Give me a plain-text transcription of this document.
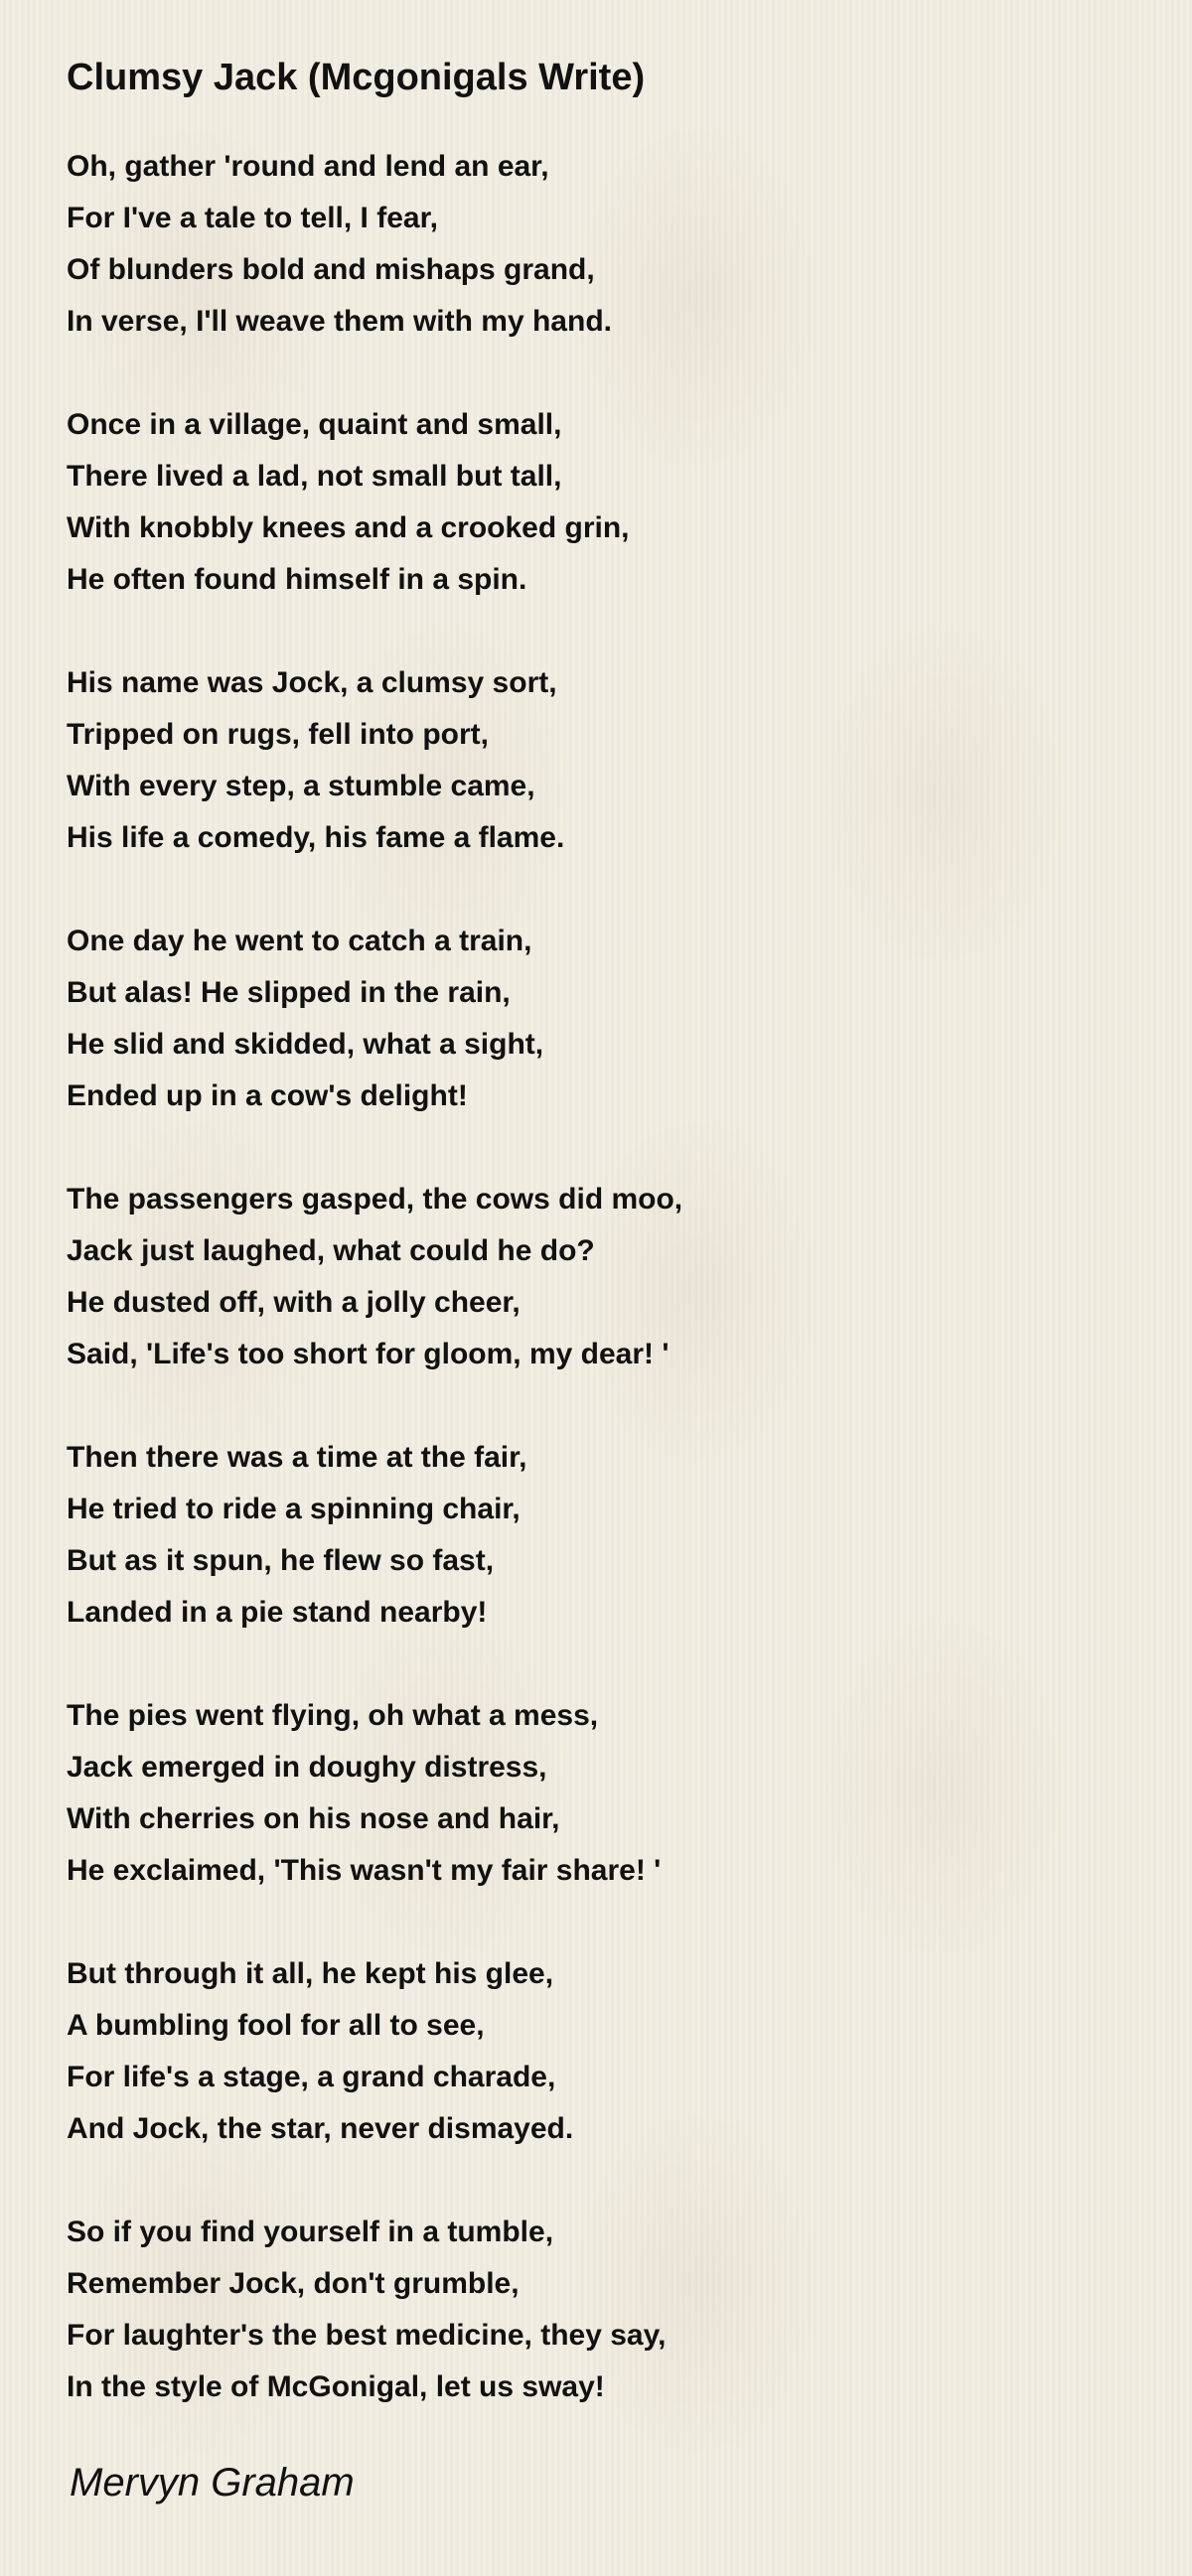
Clumsy Jack (Mcgonigals Write)
Oh, gather 'round and lend an ear,
For I've a tale to tell, I fear,
Of blunders bold and mishaps grand,
In verse, I'll weave them with my hand.
Once in a village, quaint and small,
There lived a lad, not small but tall,
With knobbly knees and a crooked grin,
He often found himself in a spin.
His name was Jock, a clumsy sort,
Tripped on rugs, fell into port,
With every step, a stumble came,
His life a comedy, his fame a flame.
One day he went to catch a train,
But alas! He slipped in the rain,
He slid and skidded, what a sight,
Ended up in a cow's delight!
The passengers gasped, the cows did moo,
Jack just laughed, what could he do?
He dusted off, with a jolly cheer,
Said, 'Life's too short for gloom, my dear! '
Then there was a time at the fair,
He tried to ride a spinning chair,
But as it spun, he flew so fast,
Landed in a pie stand nearby!
The pies went flying, oh what a mess,
Jack emerged in doughy distress,
With cherries on his nose and hair,
He exclaimed, 'This wasn't my fair share! '
But through it all, he kept his glee,
A bumbling fool for all to see,
For life's a stage, a grand charade,
And Jock, the star, never dismayed.
So if you find yourself in a tumble,
Remember Jock, don't grumble,
For laughter's the best medicine, they say,
In the style of McGonigal, let us sway!
Mervyn Graham
